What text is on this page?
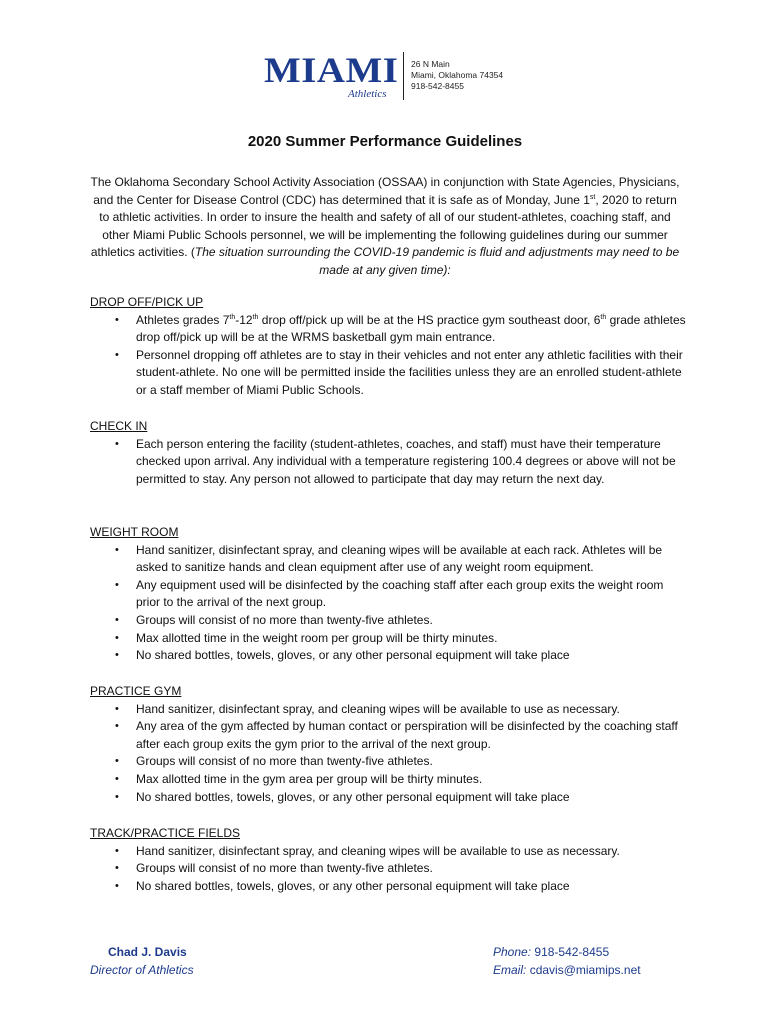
MIAMI
Athletics
26 N Main
Miami, Oklahoma 74354
918-542-8455
2020 Summer Performance Guidelines
The Oklahoma Secondary School Activity Association (OSSAA) in conjunction with State Agencies, Physicians, and the Center for Disease Control (CDC) has determined that it is safe as of Monday, June 1st, 2020 to return to athletic activities. In order to insure the health and safety of all of our student-athletes, coaching staff, and other Miami Public Schools personnel, we will be implementing the following guidelines during our summer athletics activities. (The situation surrounding the COVID-19 pandemic is fluid and adjustments may need to be made at any given time):
DROP OFF/PICK UP
• Athletes grades 7th-12th drop off/pick up will be at the HS practice gym southeast door, 6th grade athletes drop off/pick up will be at the WRMS basketball gym main entrance.
• Personnel dropping off athletes are to stay in their vehicles and not enter any athletic facilities with their student-athlete. No one will be permitted inside the facilities unless they are an enrolled student-athlete or a staff member of Miami Public Schools.
CHECK IN
• Each person entering the facility (student-athletes, coaches, and staff) must have their temperature checked upon arrival. Any individual with a temperature registering 100.4 degrees or above will not be permitted to stay. Any person not allowed to participate that day may return the next day.
WEIGHT ROOM
• Hand sanitizer, disinfectant spray, and cleaning wipes will be available at each rack. Athletes will be asked to sanitize hands and clean equipment after use of any weight room equipment.
• Any equipment used will be disinfected by the coaching staff after each group exits the weight room prior to the arrival of the next group.
• Groups will consist of no more than twenty-five athletes.
• Max allotted time in the weight room per group will be thirty minutes.
• No shared bottles, towels, gloves, or any other personal equipment will take place
PRACTICE GYM
• Hand sanitizer, disinfectant spray, and cleaning wipes will be available to use as necessary.
• Any area of the gym affected by human contact or perspiration will be disinfected by the coaching staff after each group exits the gym prior to the arrival of the next group.
• Groups will consist of no more than twenty-five athletes.
• Max allotted time in the gym area per group will be thirty minutes.
• No shared bottles, towels, gloves, or any other personal equipment will take place
TRACK/PRACTICE FIELDS
• Hand sanitizer, disinfectant spray, and cleaning wipes will be available to use as necessary.
• Groups will consist of no more than twenty-five athletes.
• No shared bottles, towels, gloves, or any other personal equipment will take place
Chad J. Davis
Director of Athletics
Phone: 918-542-8455
Email: cdavis@miamips.net
